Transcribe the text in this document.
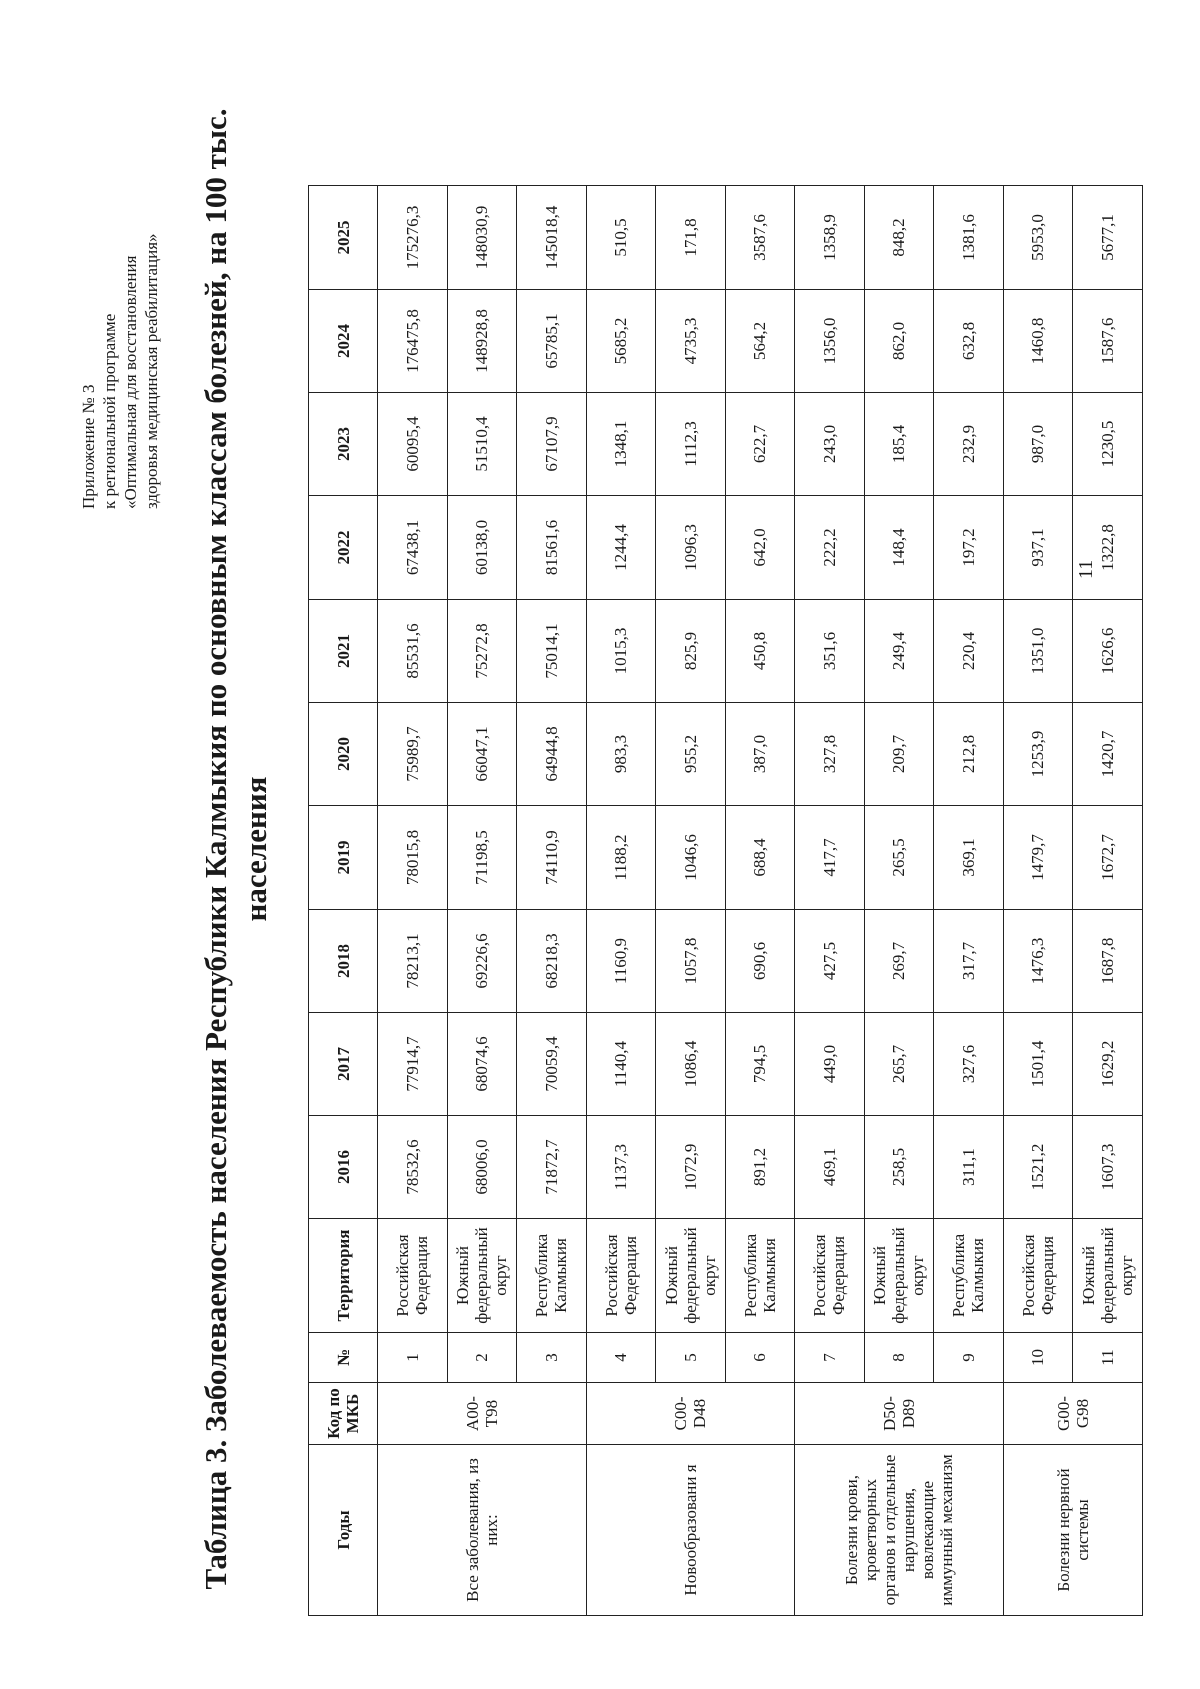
Приложение № 3 к региональной программе «Оптимальная для восстановления здоровья медицинская реабилитация» Таблица 3. Заболеваемость населения Республики Калмыкия по основным классам болезней, на 100 тыс. населения
Годы	Код по МКБ	№	Территория	2016	2017	2018	2019	2020	2021	2022	2023	2024	2025
Все заболевания, из них:	А00-Т98	1	Российская Федерация	78532,6	77914,7	78213,1	78015,8	75989,7	85531,6	67438,1	60095,4	176475,8	175276,3
		2	Южный федеральный округ	68006,0	68074,6	69226,6	71198,5	66047,1	75272,8	60138,0	51510,4	148928,8	148030,9
		3	Республика Калмыкия	71872,7	70059,4	68218,3	74110,9	64944,8	75014,1	81561,6	67107,9	65785,1	145018,4
Новообразовани я	С00-D48	4	Российская Федерация	1137,3	1140,4	1160,9	1188,2	983,3	1015,3	1244,4	1348,1	5685,2	510,5
		5	Южный федеральный округ	1072,9	1086,4	1057,8	1046,6	955,2	825,9	1096,3	1112,3	4735,3	171,8
		6	Республика Калмыкия	891,2	794,5	690,6	688,4	387,0	450,8	642,0	622,7	564,2	3587,6
Болезни крови, кроветворных органов и отдельные нарушения, вовлекающие иммунный механизм	D50-D89	7	Российская Федерация	469,1	449,0	427,5	417,7	327,8	351,6	222,2	243,0	1356,0	1358,9
		8	Южный федеральный округ	258,5	265,7	269,7	265,5	209,7	249,4	148,4	185,4	862,0	848,2
		9	Республика Калмыкия	311,1	327,6	317,7	369,1	212,8	220,4	197,2	232,9	632,8	1381,6
Болезни нервной системы	G00-G98	10	Российская Федерация	1521,2	1501,4	1476,3	1479,7	1253,9	1351,0	937,1	987,0	1460,8	5953,0
		11	Южный федеральный округ	1607,3	1629,2	1687,8	1672,7	1420,7	1626,6	1322,8	1230,5	1587,6	5677,1
11
